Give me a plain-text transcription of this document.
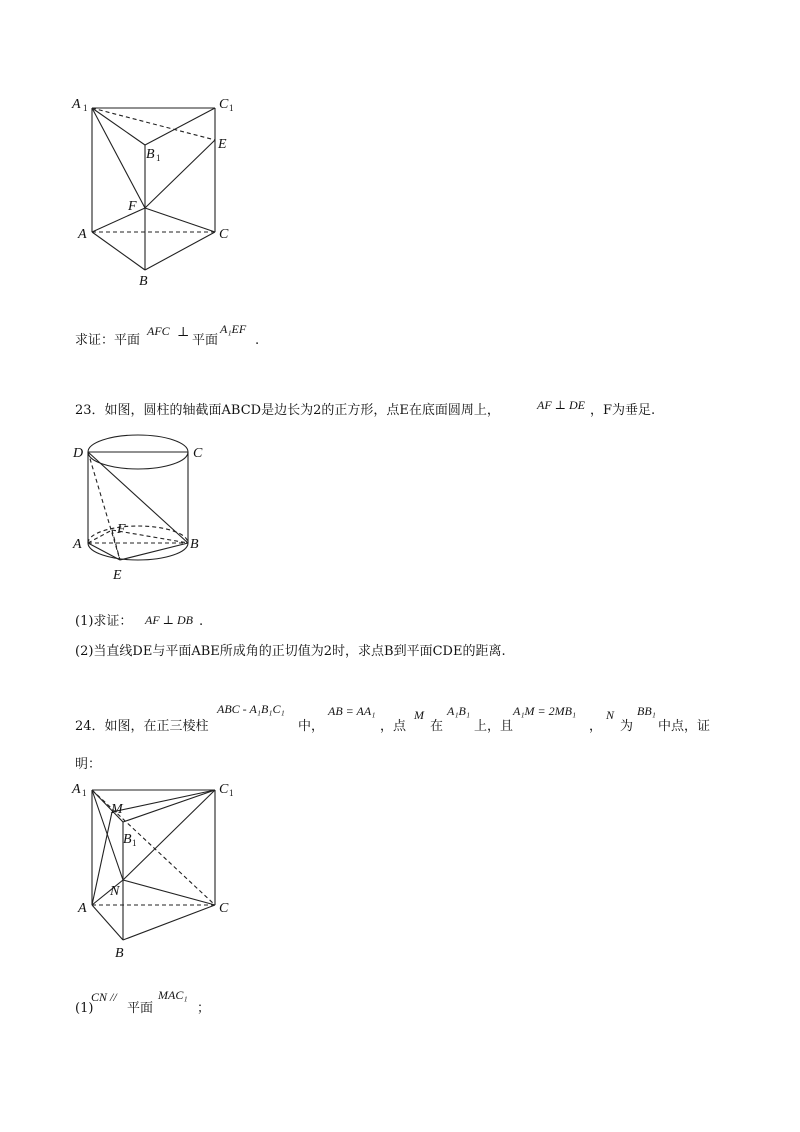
A 1	C 1
E
B 1
F
A	C
B
求证：平面
AFC ⊥
平面
A₁EF
.
23．如图，圆柱的轴截面ABCD是边长为2的正方形，点E在底面圆周上，	AF ⊥ DE ，F为垂足.
D	C
A	B
F
E
(1)求证： AF ⊥ DB .
(2)当直线DE与平面ABE所成角的正切值为2时，求点B到平面CDE的距离.
24．如图，在正三棱柱
ABC - A₁B₁C₁
中，
AB = AA₁
，点
M
在
A₁B₁
上，且
A₁M = 2MB₁
，
N
为
BB₁
中点，证
明：
A 1	C 1
M
B 1
N
A	C
B
(1)
CN //
平面
MAC₁
；
